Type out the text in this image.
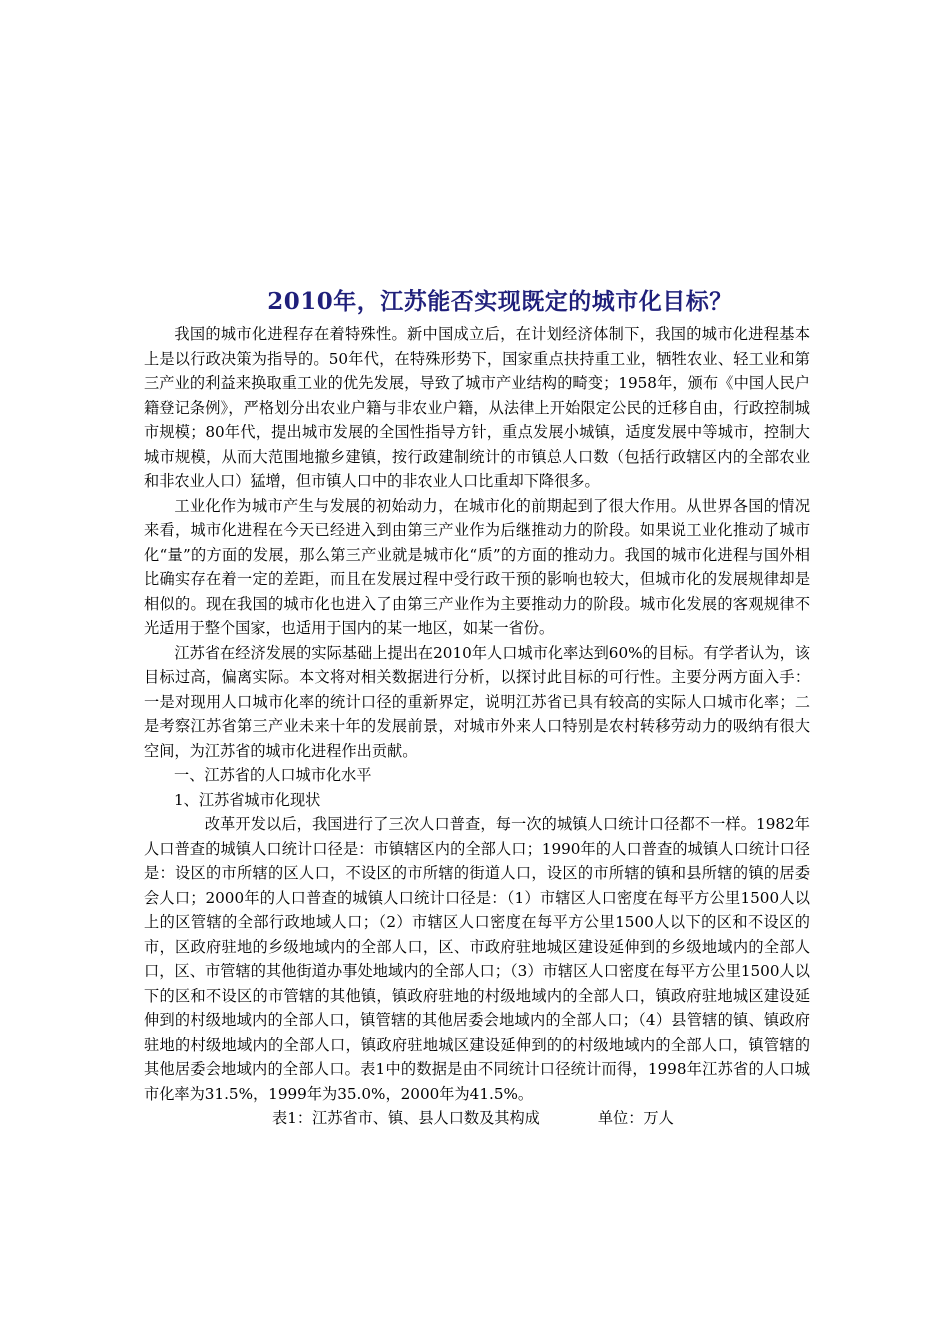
2010年，江苏能否实现既定的城市化目标？

我国的城市化进程存在着特殊性。新中国成立后，在计划经济体制下，我国的城市化进程基本上是以行政决策为指导的。50年代，在特殊形势下，国家重点扶持重工业，牺牲农业、轻工业和第三产业的利益来换取重工业的优先发展，导致了城市产业结构的畸变；1958年，颁布《中国人民户籍登记条例》，严格划分出农业户籍与非农业户籍，从法律上开始限定公民的迁移自由，行政控制城市规模；80年代，提出城市发展的全国性指导方针，重点发展小城镇，适度发展中等城市，控制大城市规模，从而大范围地撤乡建镇，按行政建制统计的市镇总人口数（包括行政辖区内的全部农业和非农业人口）猛增，但市镇人口中的非农业人口比重却下降很多。

工业化作为城市产生与发展的初始动力，在城市化的前期起到了很大作用。从世界各国的情况来看，城市化进程在今天已经进入到由第三产业作为后继推动力的阶段。如果说工业化推动了城市化“量”的方面的发展，那么第三产业就是城市化“质”的方面的推动力。我国的城市化进程与国外相比确实存在着一定的差距，而且在发展过程中受行政干预的影响也较大，但城市化的发展规律却是相似的。现在我国的城市化也进入了由第三产业作为主要推动力的阶段。城市化发展的客观规律不光适用于整个国家，也适用于国内的某一地区，如某一省份。

江苏省在经济发展的实际基础上提出在2010年人口城市化率达到60%的目标。有学者认为，该目标过高，偏离实际。本文将对相关数据进行分析，以探讨此目标的可行性。主要分两方面入手：一是对现用人口城市化率的统计口径的重新界定，说明江苏省已具有较高的实际人口城市化率；二是考察江苏省第三产业未来十年的发展前景，对城市外来人口特别是农村转移劳动力的吸纳有很大空间，为江苏省的城市化进程作出贡献。

一、江苏省的人口城市化水平

1、江苏省城市化现状

改革开发以后，我国进行了三次人口普查，每一次的城镇人口统计口径都不一样。1982年人口普查的城镇人口统计口径是：市镇辖区内的全部人口；1990年的人口普查的城镇人口统计口径是：设区的市所辖的区人口，不设区的市所辖的街道人口，设区的市所辖的镇和县所辖的镇的居委会人口；2000年的人口普查的城镇人口统计口径是：（1）市辖区人口密度在每平方公里1500人以上的区管辖的全部行政地域人口；（2）市辖区人口密度在每平方公里1500人以下的区和不设区的市，区政府驻地的乡级地域内的全部人口，区、市政府驻地城区建设延伸到的乡级地域内的全部人口，区、市管辖的其他街道办事处地域内的全部人口；（3）市辖区人口密度在每平方公里1500人以下的区和不设区的市管辖的其他镇，镇政府驻地的村级地域内的全部人口，镇政府驻地城区建设延伸到的村级地域内的全部人口，镇管辖的其他居委会地域内的全部人口；（4）县管辖的镇、镇政府驻地的村级地域内的全部人口，镇政府驻地城区建设延伸到的的村级地域内的全部人口，镇管辖的其他居委会地域内的全部人口。表1中的数据是由不同统计口径统计而得，1998年江苏省的人口城市化率为31.5%，1999年为35.0%，2000年为41.5%。

表1：江苏省市、镇、县人口数及其构成	单位：万人
